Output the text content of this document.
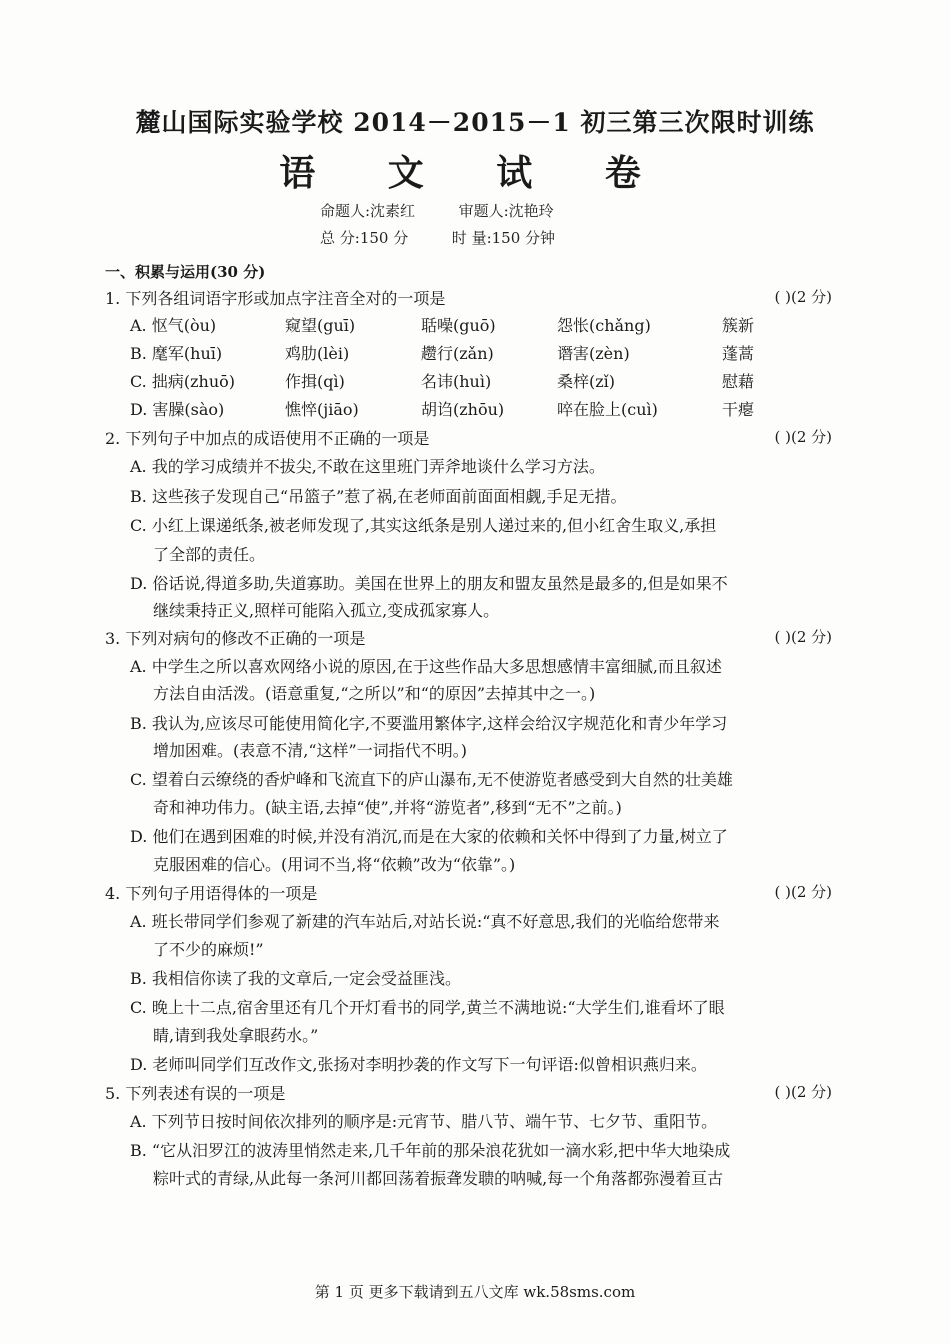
麓山国际实验学校 2014－2015－1 初三第三次限时训练
语 文 试 卷
命题人:沈素红	审题人:沈艳玲
总 分:150 分	时 量:150 分钟
一、积累与运用(30 分)
1. 下列各组词语字形或加点字注音全对的一项是	( )(2 分)
A. 怄气(òu)	窥望(guī)	聒噪(guō)	怨怅(chǎng)	簇新
B. 麾军(huī)	鸡肋(lèi)	趱行(zǎn)	谮害(zèn)	蓬蒿
C. 拙病(zhuō)	作揖(qì)	名讳(huì)	桑梓(zǐ)	慰藉
D. 害臊(sào)	憔悴(jiāo)	胡诌(zhōu)	啐在脸上(cuì)	干瘪
2. 下列句子中加点的成语使用不正确的一项是	( )(2 分)
A. 我的学习成绩并不拔尖,不敢在这里班门弄斧地谈什么学习方法。
B. 这些孩子发现自己“吊篮子”惹了祸,在老师面前面面相觑,手足无措。
C. 小红上课递纸条,被老师发现了,其实这纸条是别人递过来的,但小红舍生取义,承担
了全部的责任。
D. 俗话说,得道多助,失道寡助。美国在世界上的朋友和盟友虽然是最多的,但是如果不
继续秉持正义,照样可能陷入孤立,变成孤家寡人。
3. 下列对病句的修改不正确的一项是	( )(2 分)
A. 中学生之所以喜欢网络小说的原因,在于这些作品大多思想感情丰富细腻,而且叙述
方法自由活泼。(语意重复,“之所以”和“的原因”去掉其中之一。)
B. 我认为,应该尽可能使用简化字,不要滥用繁体字,这样会给汉字规范化和青少年学习
增加困难。(表意不清,“这样”一词指代不明。)
C. 望着白云缭绕的香炉峰和飞流直下的庐山瀑布,无不使游览者感受到大自然的壮美雄
奇和神功伟力。(缺主语,去掉“使”,并将“游览者”,移到“无不”之前。)
D. 他们在遇到困难的时候,并没有消沉,而是在大家的依赖和关怀中得到了力量,树立了
克服困难的信心。(用词不当,将“依赖”改为“依靠”。)
4. 下列句子用语得体的一项是	( )(2 分)
A. 班长带同学们参观了新建的汽车站后,对站长说:“真不好意思,我们的光临给您带来
了不少的麻烦!”
B. 我相信你读了我的文章后,一定会受益匪浅。
C. 晚上十二点,宿舍里还有几个开灯看书的同学,黄兰不满地说:“大学生们,谁看坏了眼
睛,请到我处拿眼药水。”
D. 老师叫同学们互改作文,张扬对李明抄袭的作文写下一句评语:似曾相识燕归来。
5. 下列表述有误的一项是	( )(2 分)
A. 下列节日按时间依次排列的顺序是:元宵节、腊八节、端午节、七夕节、重阳节。
B. “它从汨罗江的波涛里悄然走来,几千年前的那朵浪花犹如一滴水彩,把中华大地染成
粽叶式的青绿,从此每一条河川都回荡着振聋发聩的呐喊,每一个角落都弥漫着亘古
第 1 页 更多下载请到五八文库 wk.58sms.com
